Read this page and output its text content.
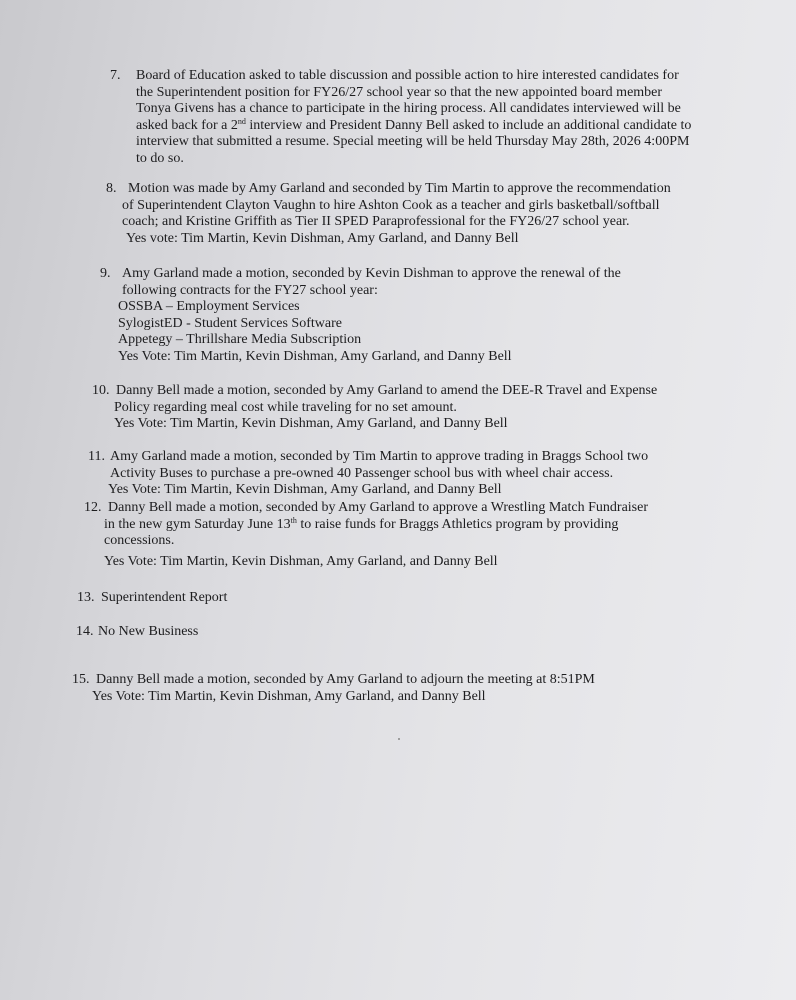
7. Board of Education asked to table discussion and possible action to hire interested candidates for
the Superintendent position for FY26/27 school year so that the new appointed board member
Tonya Givens has a chance to participate in the hiring process. All candidates interviewed will be
asked back for a 2nd interview and President Danny Bell asked to include an additional candidate to
interview that submitted a resume. Special meeting will be held Thursday May 28th, 2026 4:00PM
to do so.
8. Motion was made by Amy Garland and seconded by Tim Martin to approve the recommendation
of Superintendent Clayton Vaughn to hire Ashton Cook as a teacher and girls basketball/softball
coach; and Kristine Griffith as Tier II SPED Paraprofessional for the FY26/27 school year.
Yes vote: Tim Martin, Kevin Dishman, Amy Garland, and Danny Bell
9. Amy Garland made a motion, seconded by Kevin Dishman to approve the renewal of the
following contracts for the FY27 school year:
OSSBA – Employment Services
SylogistED - Student Services Software
Appetegy – Thrillshare Media Subscription
Yes Vote: Tim Martin, Kevin Dishman, Amy Garland, and Danny Bell
10. Danny Bell made a motion, seconded by Amy Garland to amend the DEE-R Travel and Expense
Policy regarding meal cost while traveling for no set amount.
Yes Vote: Tim Martin, Kevin Dishman, Amy Garland, and Danny Bell
11. Amy Garland made a motion, seconded by Tim Martin to approve trading in Braggs School two
Activity Buses to purchase a pre-owned 40 Passenger school bus with wheel chair access.
Yes Vote: Tim Martin, Kevin Dishman, Amy Garland, and Danny Bell
12. Danny Bell made a motion, seconded by Amy Garland to approve a Wrestling Match Fundraiser
in the new gym Saturday June 13th to raise funds for Braggs Athletics program by providing
concessions.
Yes Vote: Tim Martin, Kevin Dishman, Amy Garland, and Danny Bell
13. Superintendent Report
14. No New Business
15. Danny Bell made a motion, seconded by Amy Garland to adjourn the meeting at 8:51PM
Yes Vote: Tim Martin, Kevin Dishman, Amy Garland, and Danny Bell
